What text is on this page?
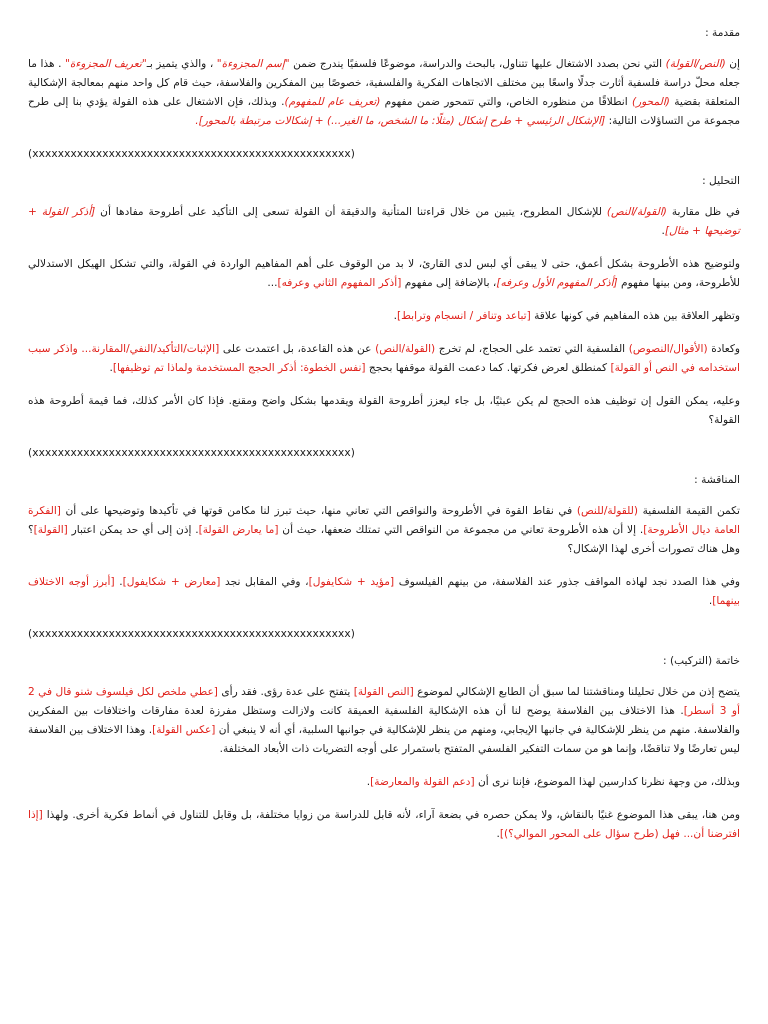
مقدمة :

إن (النص/القولة) التي نحن بصدد الاشتغال عليها تتناول، بالبحث والدراسة، موضوعًا فلسفيًا يندرج ضمن "إسم المجزوءة" ، والذي يتميز بـ"تعريف المجزوءة" . هذا ما جعله محلّ دراسة فلسفية أثارت جدلًا واسعًا بين مختلف الاتجاهات الفكرية والفلسفية، خصوصًا بين المفكرين والفلاسفة، حيث قام كل واحد منهم بمعالجة الإشكالية المتعلقة بقضية (المحور) انطلاقًا من منظوره الخاص، والتي تتمحور ضمن مفهوم (تعريف عام للمفهوم). وبذلك، فإن الاشتغال على هذه القولة يؤدي بنا إلى طرح مجموعة من التساؤلات التالية: [الإشكال الرئيسي + طرح إشكال (مثلًا: ما الشخص، ما الغير...) + إشكالات مرتبطة بالمحور].

(xxxxxxxxxxxxxxxxxxxxxxxxxxxxxxxxxxxxxxxxxxxxxxxxxx)
التحليل :

في ظل مقاربة (القولة/النص) للإشكال المطروح، يتبين من خلال قراءتنا المتأنية والدقيقة أن القولة تسعى إلى التأكيد على أطروحة مفادها أن [أذكر القولة + توضيحها + مثال].

ولتوضيح هذه الأطروحة بشكل أعمق، حتى لا يبقى أي لبس لدى القارئ، لا بد من الوقوف على أهم المفاهيم الواردة في القولة، والتي تشكل الهيكل الاستدلالي للأطروحة، ومن بينها مفهوم [أذكر المفهوم الأول وعرفه]، بالإضافة إلى مفهوم [أذكر المفهوم الثاني وعرفه]...

وتظهر العلاقة بين هذه المفاهيم في كونها علاقة [تباعد وتنافر / انسجام وترابط].

وكعادة (الأقوال/النصوص) الفلسفية التي تعتمد على الحجاج، لم تخرج (القولة/النص) عن هذه القاعدة، بل اعتمدت على [الإثبات/التأكيد/النفي/المقارنة... واذكر سبب استخدامه في النص أو القولة] كمنطلق لعرض فكرتها. كما دعمت القولة موقفها بحجج [نفس الخطوة: أذكر الحجج المستخدمة ولماذا تم توظيفها].

وعليه، يمكن القول إن توظيف هذه الحجج لم يكن عبثيًا، بل جاء ليعزز أطروحة القولة ويقدمها بشكل واضح ومقنع. فإذا كان الأمر كذلك، فما قيمة أطروحة هذه القولة؟

(xxxxxxxxxxxxxxxxxxxxxxxxxxxxxxxxxxxxxxxxxxxxxxxxxx)
المناقشة :

تكمن القيمة الفلسفية (للقولة/للنص) في نقاط القوة في الأطروحة والنواقص التي تعاني منها، حيث تبرز لنا مكامن قوتها في تأكيدها وتوضيحها على أن [الفكرة العامة ديال الأطروحة]. إلا أن هذه الأطروحة تعاني من مجموعة من النواقص التي تمتلك ضعفها، حيث أن [ما يعارض القولة]. إذن إلى أي حد يمكن اعتبار [القولة]؟ وهل هناك تصورات أخرى لهذا الإشكال؟

وفي هذا الصدد نجد لهاذه المواقف جذور عند الفلاسفة، من بينهم الفيلسوف [مؤيد + شكايفول]، وفي المقابل نجد [معارض + شكايفول]. [أبرز أوجه الاختلاف بينهما].

(xxxxxxxxxxxxxxxxxxxxxxxxxxxxxxxxxxxxxxxxxxxxxxxxxx)
خاتمة (التركيب) :

يتضح إذن من خلال تحليلنا ومناقشتنا لما سبق أن الطابع الإشكالي لموضوع [النص القولة] يتفتح على عدة رؤى. فقد رأى [عطي ملخص لكل فيلسوف شنو قال في 2 أو 3 أسطر]. هذا الاختلاف بين الفلاسفة يوضح لنا أن هذه الإشكالية الفلسفية العميقة كانت ولازالت وستظل مفرزة لعدة مفارقات واختلافات بين المفكرين والفلاسفة. منهم من ينظر للإشكالية في جانبها الإيجابي، ومنهم من ينظر للإشكالية في جوانبها السلبية، أي أنه لا ينبغي أن [عكس القولة]. وهذا الاختلاف بين الفلاسفة ليس تعارضًا ولا تناقضًا، وإنما هو من سمات التفكير الفلسفي المتفتح باستمرار على أوجه التضريات ذات الأبعاد المختلفة.

وبذلك، من وجهة نظرنا كدارسين لهذا الموضوع، فإننا نرى أن [دعم القولة والمعارضة].

ومن هنا، يبقى هذا الموضوع غنيًا بالنقاش، ولا يمكن حصره في بضعة آراء، لأنه قابل للدراسة من زوايا مختلفة، بل وقابل للتناول في أنماط فكرية أخرى. ولهذا [إذا افترضنا أن... فهل (طرح سؤال على المحور الموالي؟)].
